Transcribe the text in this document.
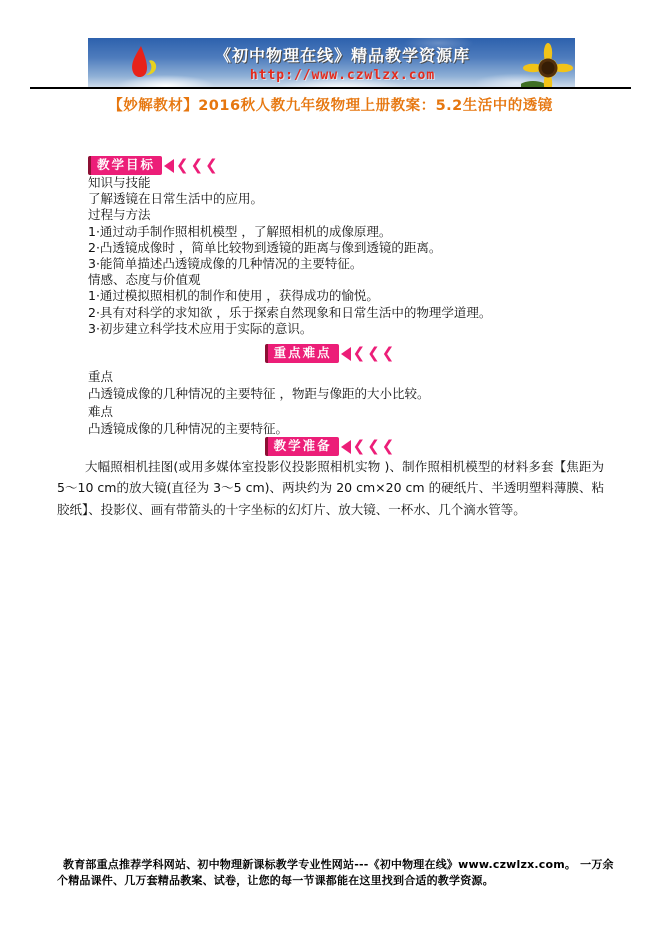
《初中物理在线》精品教学资源库
http://www.czwlzx.com
【妙解教材】2016秋人教九年级物理上册教案：5.2生活中的透镜
教学目标 ❮❮❮
知识与技能
了解透镜在日常生活中的应用。
过程与方法
1·通过动手制作照相机模型 ，了解照相机的成像原理。
2·凸透镜成像时 ，简单比较物到透镜的距离与像到透镜的距离。
3·能简单描述凸透镜成像的几种情况的主要特征。
情感、态度与价值观
1·通过模拟照相机的制作和使用 ，获得成功的愉悦。
2·具有对科学的求知欲 ，乐于探索自然现象和日常生活中的物理学道理。
3·初步建立科学技术应用于实际的意识。
重点难点 ❮❮❮
重点
凸透镜成像的几种情况的主要特征 ，物距与像距的大小比较。
难点
凸透镜成像的几种情况的主要特征。
教学准备 ❮❮❮
大幅照相机挂图(或用多媒体室投影仪投影照相机实物 )、制作照相机模型的材料多套【焦距为5～10 cm的放大镜(直径为 3～5 cm)、两块约为 20 cm×20 cm 的硬纸片、半透明塑料薄膜、粘胶纸】、投影仪、画有带箭头的十字坐标的幻灯片、放大镜、一杯水、几个滴水管等。
教育部重点推荐学科网站、初中物理新课标教学专业性网站---《初中物理在线》www.czwlzx.com。 一万余个精品课件、几万套精品教案、试卷，让您的每一节课都能在这里找到合适的教学资源。
